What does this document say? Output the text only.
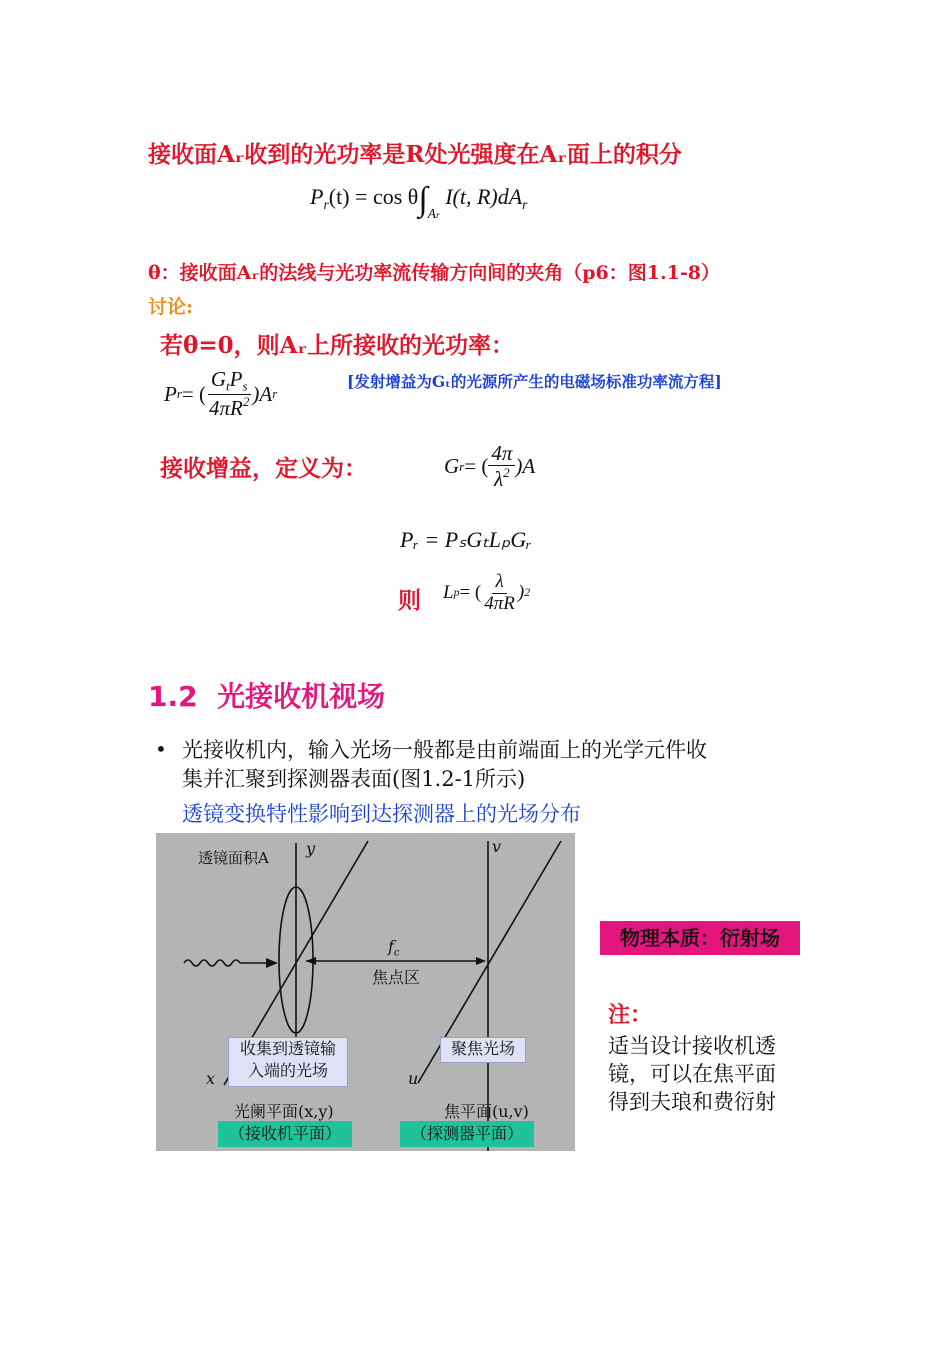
接收面Aᵣ收到的光功率是R处光强度在Aᵣ面上的积分
$P_r(t) = \cos \theta\int_{Ar}$ I(t, $R)dA_r$
θ：接收面Aᵣ的法线与光功率流传输方向间的夹角（p6：图1.1-8）
讨论:
若θ=0，则Aᵣ上所接收的光功率：
P r = ( $\frac{G_tP_s}{4\pi R^2} )A$ r
[发射增益为Gₜ的光源所产生的电磁场标准功率流方程]
接收增益，定义为：	G r = ( $\frac{4\pi}{\lambda^2} )A$
Pᵣ = PₛGₜLₚGᵣ
则 L p = ( $\frac{\lambda}{4\pi R}$ ) 2
1.2  光接收机视场
• 光接收机内，输入光场一般都是由前端面上的光学元件收
集并汇聚到探测器表面(图1.2-1所示)
透镜变换特性影响到达探测器上的光场分布
透镜面积A y	v
$f_c$
焦点区
x	u
收集到透镜输
入端的光场
聚焦光场
光阑平面(x,y)	焦平面(u,v)
（接收机平面）	（探测器平面）
物理本质：衍射场
注：
适当设计接收机透
镜，可以在焦平面
得到夫琅和费衍射
